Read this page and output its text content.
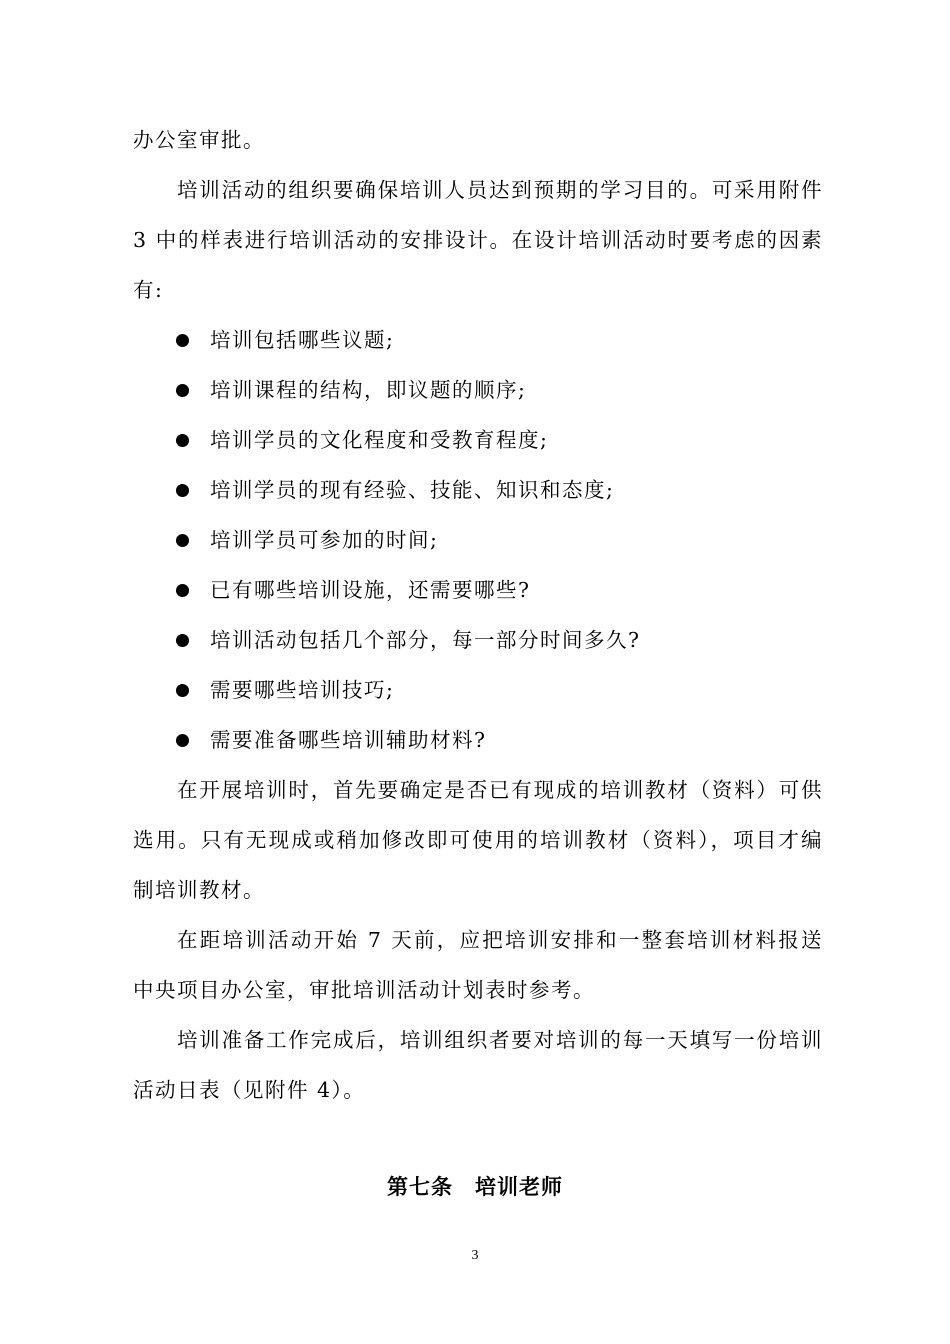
办公室审批。

培训活动的组织要确保培训人员达到预期的学习目的。可采用附件 3 中的样表进行培训活动的安排设计。在设计培训活动时要考虑的因素有:

培训包括哪些议题;
培训课程的结构，即议题的顺序;
培训学员的文化程度和受教育程度;
培训学员的现有经验、技能、知识和态度;
培训学员可参加的时间;
已有哪些培训设施，还需要哪些?
培训活动包括几个部分，每一部分时间多久?
需要哪些培训技巧;
需要准备哪些培训辅助材料?

在开展培训时，首先要确定是否已有现成的培训教材（资料）可供选用。只有无现成或稍加修改即可使用的培训教材（资料），项目才编制培训教材。

在距培训活动开始 7 天前，应把培训安排和一整套培训材料报送中央项目办公室，审批培训活动计划表时参考。

培训准备工作完成后，培训组织者要对培训的每一天填写一份培训活动日表（见附件 4）。

第七条　培训老师
3
